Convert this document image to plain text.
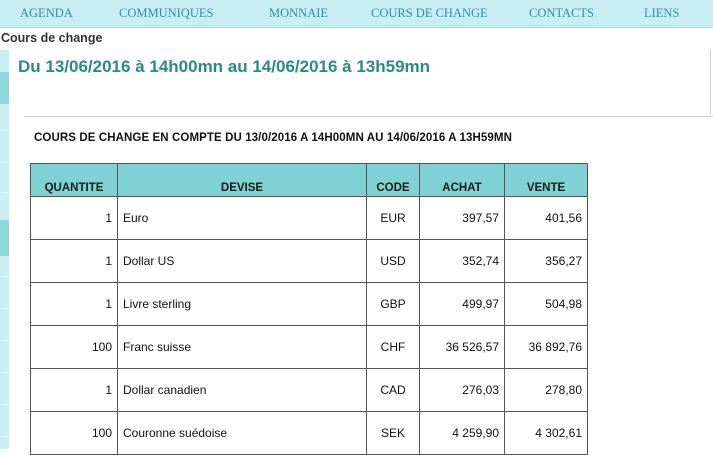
AGENDA	COMMUNIQUES	MONNAIE	COURS DE CHANGE	CONTACTS	LIENS
Cours de change
Du 13/06/2016 à 14h00mn au 14/06/2016 à 13h59mn
COURS DE CHANGE EN COMPTE DU 13/0/2016 A 14H00MN AU 14/06/2016 A 13H59MN
QUANTITE	DEVISE	CODE	ACHAT	VENTE
1	Euro	EUR	397,57	401,56
1	Dollar US	USD	352,74	356,27
1	Livre sterling	GBP	499,97	504,98
100	Franc suisse	CHF	36 526,57	36 892,76
1	Dollar canadien	CAD	276,03	278,80
100	Couronne suédoise	SEK	4 259,90	4 302,61
